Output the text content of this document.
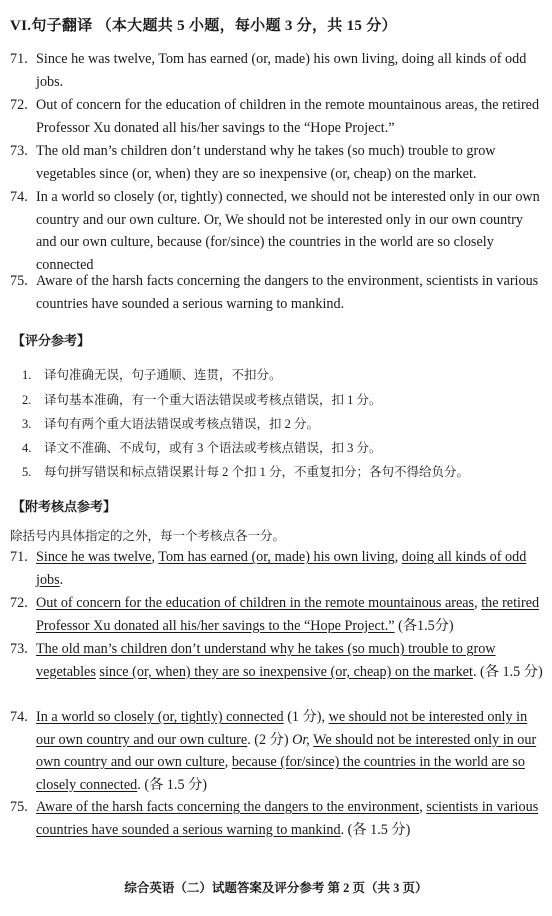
VI.句子翻译 （本大题共 5 小题，每小题 3 分，共 15 分）
71. Since he was twelve, Tom has earned (or, made) his own living, doing all kinds of odd jobs.
72. Out of concern for the education of children in the remote mountainous areas, the retired Professor Xu donated all his/her savings to the “Hope Project.”
73. The old man’s children don’t understand why he takes (so much) trouble to grow vegetables since (or, when) they are so inexpensive (or, cheap) on the market.
74. In a world so closely (or, tightly) connected, we should not be interested only in our own country and our own culture. Or, We should not be interested only in our own country and our own culture, because (for/since) the countries in the world are so closely connected
75. Aware of the harsh facts concerning the dangers to the environment, scientists in various countries have sounded a serious warning to mankind.
【评分参考】
1. 译句准确无误，句子通顺、连贯，不扣分。
2. 译句基本准确，有一个重大语法错误或考核点错误，扣 1 分。
3. 译句有两个重大语法错误或考核点错误，扣 2 分。
4. 译文不准确、不成句，或有 3 个语法或考核点错误，扣 3 分。
5. 每句拼写错误和标点错误累计每 2 个扣 1 分，不重复扣分；各句不得给负分。
【附考核点参考】
除括号内具体指定的之外，每一个考核点各一分。
71. Since he was twelve, Tom has earned (or, made) his own living, doing all kinds of odd jobs.
72. Out of concern for the education of children in the remote mountainous areas, the retired Professor Xu donated all his/her savings to the “Hope Project.” (各1.5分)
73. The old man’s children don’t understand why he takes (so much) trouble to grow vegetables since (or, when) they are so inexpensive (or, cheap) on the market. (各 1.5 分)
74. In a world so closely (or, tightly) connected (1 分), we should not be interested only in our own country and our own culture. (2 分) Or, We should not be interested only in our own country and our own culture, because (for/since) the countries in the world are so closely connected. (各 1.5 分)
75. Aware of the harsh facts concerning the dangers to the environment, scientists in various countries have sounded a serious warning to mankind. (各 1.5 分)
综合英语（二）试题答案及评分参考 第 2 页（共 3 页）
